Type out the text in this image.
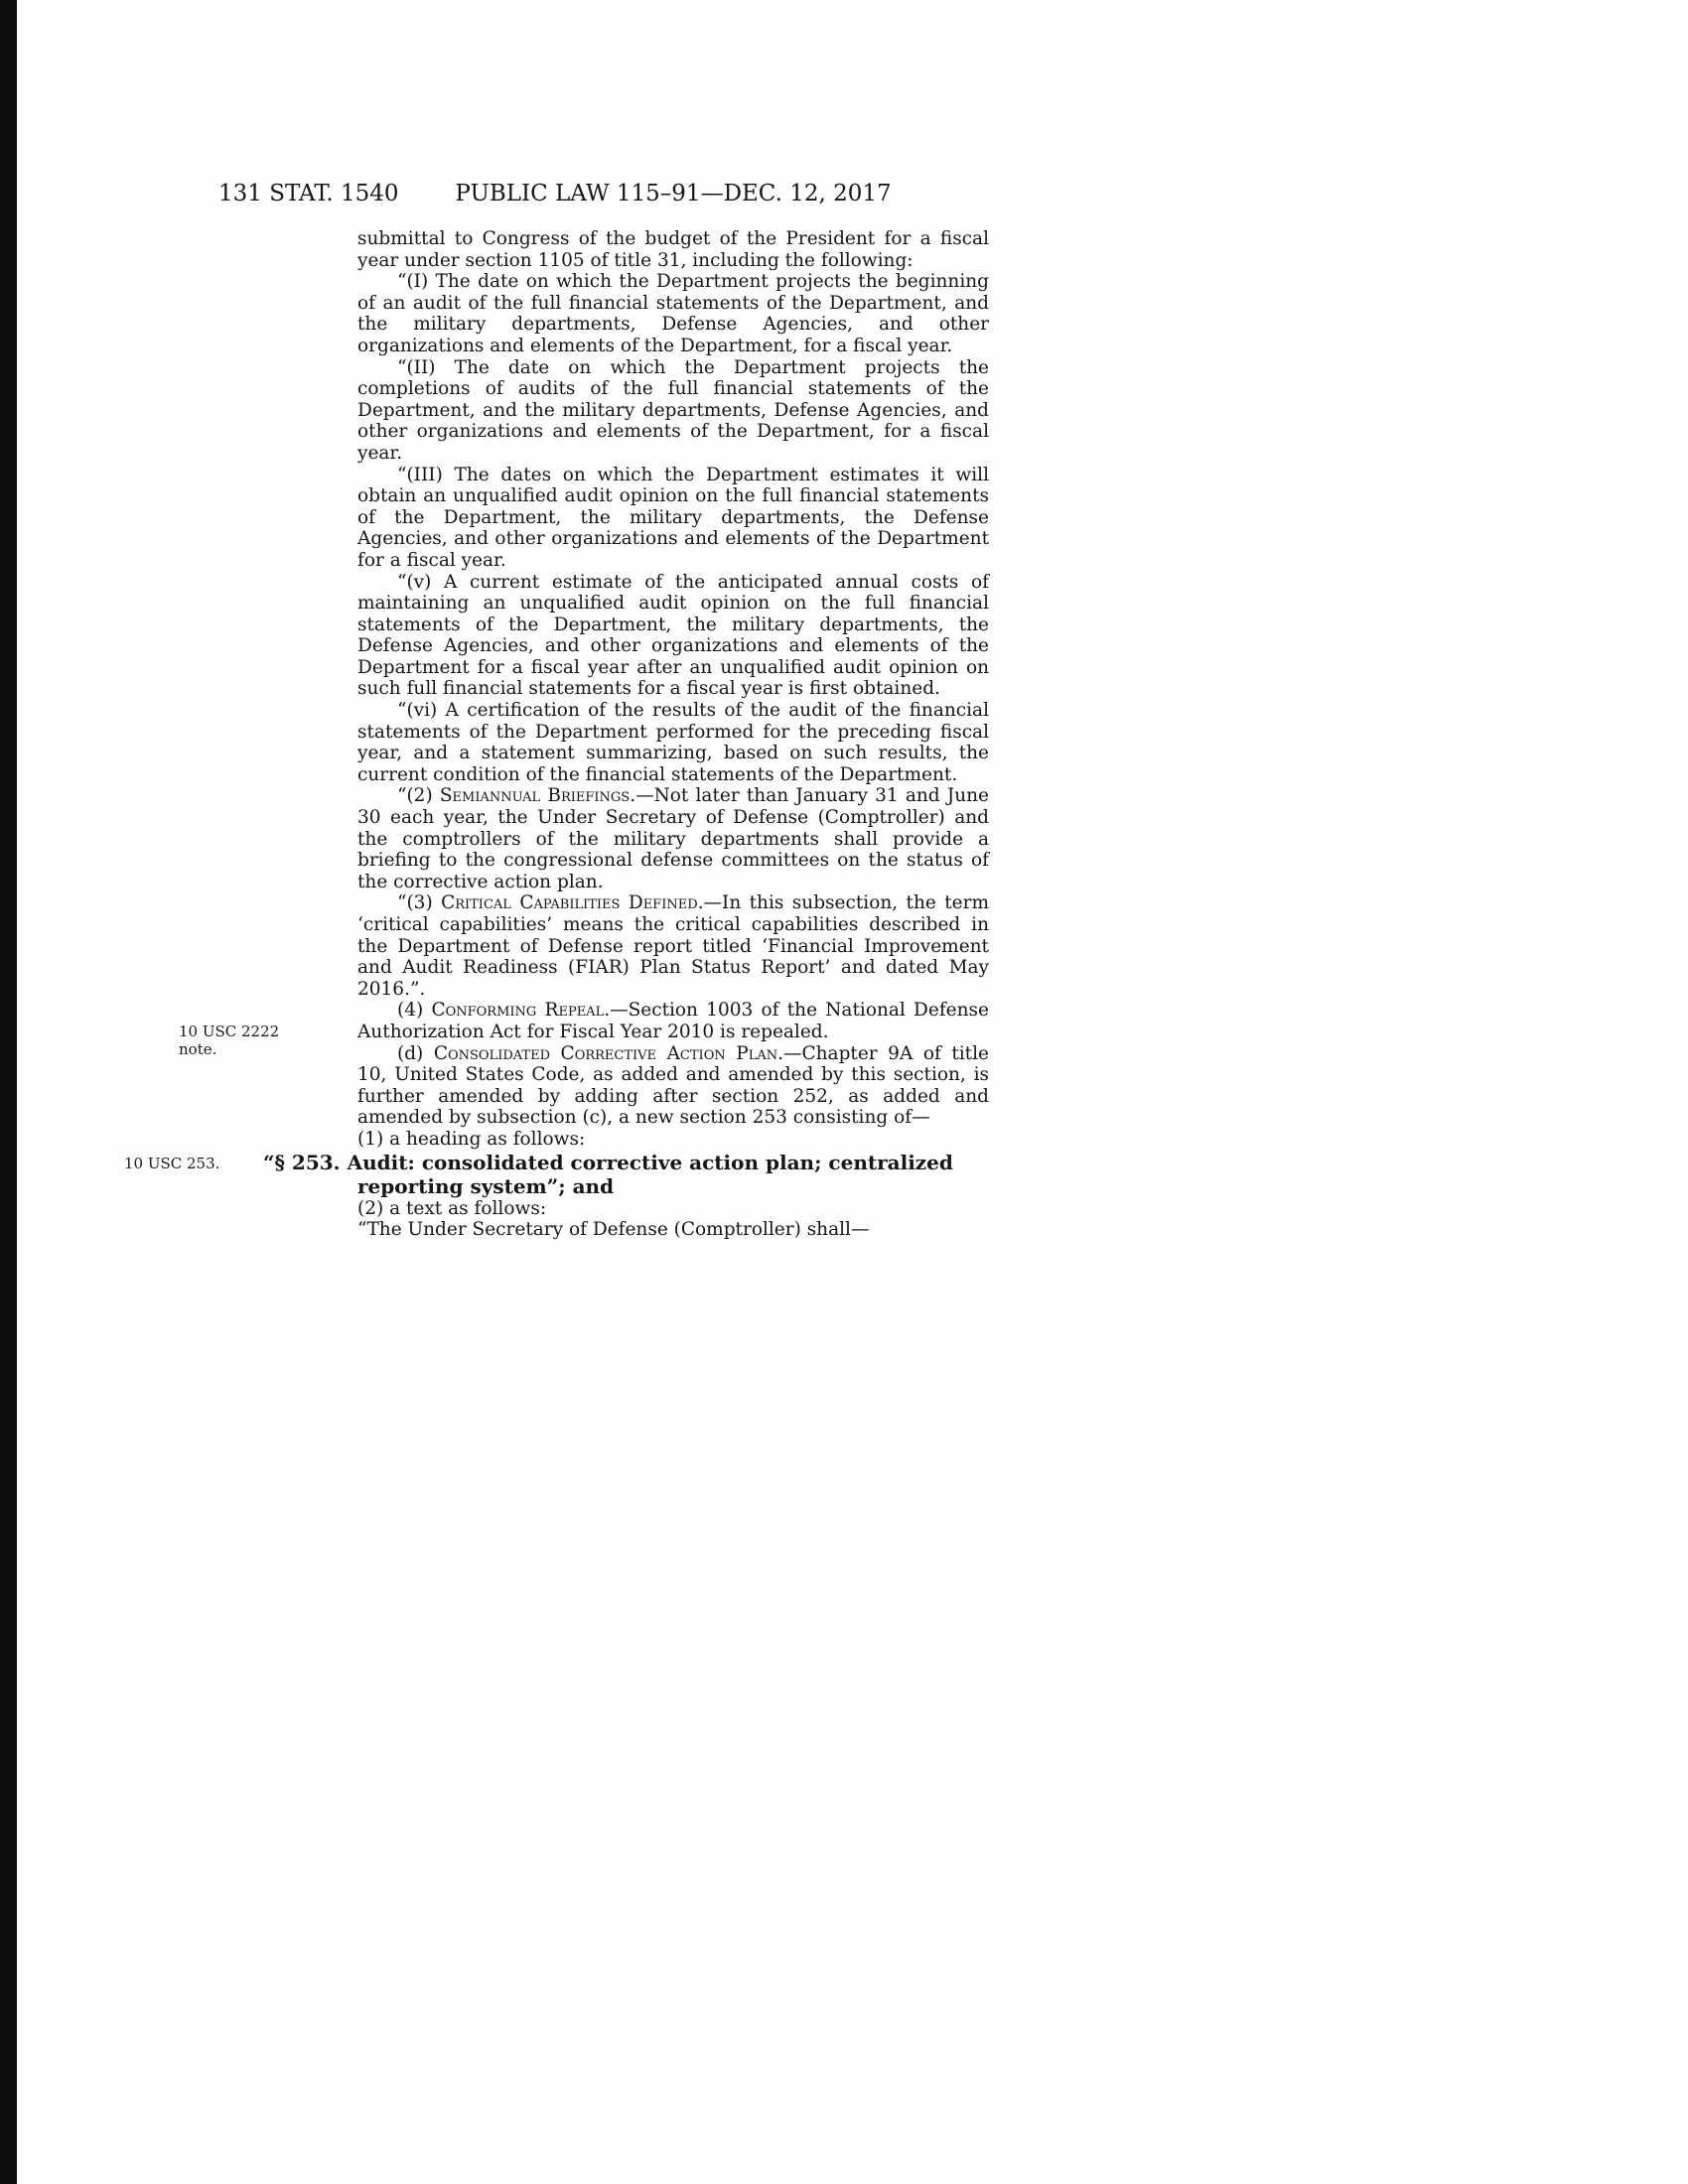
131 STAT. 1540	PUBLIC LAW 115–91—DEC. 12, 2017

submittal to Congress of the budget of the President for a fiscal year under section 1105 of title 31, including the following:

“(I) The date on which the Department projects the beginning of an audit of the full financial statements of the Department, and the military departments, Defense Agencies, and other organizations and elements of the Department, for a fiscal year.

“(II) The date on which the Department projects the completions of audits of the full financial statements of the Department, and the military departments, Defense Agencies, and other organizations and elements of the Department, for a fiscal year.

“(III) The dates on which the Department estimates it will obtain an unqualified audit opinion on the full financial statements of the Department, the military departments, the Defense Agencies, and other organizations and elements of the Department for a fiscal year.

“(v) A current estimate of the anticipated annual costs of maintaining an unqualified audit opinion on the full financial statements of the Department, the military departments, the Defense Agencies, and other organizations and elements of the Department for a fiscal year after an unqualified audit opinion on such full financial statements for a fiscal year is first obtained.

“(vi) A certification of the results of the audit of the financial statements of the Department performed for the preceding fiscal year, and a statement summarizing, based on such results, the current condition of the financial statements of the Department.

“(2) Semiannual Briefings.—Not later than January 31 and June 30 each year, the Under Secretary of Defense (Comptroller) and the comptrollers of the military departments shall provide a briefing to the congressional defense committees on the status of the corrective action plan.

“(3) Critical Capabilities Defined.—In this subsection, the term ‘critical capabilities’ means the critical capabilities described in the Department of Defense report titled ‘Financial Improvement and Audit Readiness (FIAR) Plan Status Report’ and dated May 2016.”.

10 USC 2222 note.
(4) Conforming Repeal.—Section 1003 of the National Defense Authorization Act for Fiscal Year 2010 is repealed.

(d) Consolidated Corrective Action Plan.—Chapter 9A of title 10, United States Code, as added and amended by this section, is further amended by adding after section 252, as added and amended by subsection (c), a new section 253 consisting of—

(1) a heading as follows:

10 USC 253.	“§ 253. Audit: consolidated corrective action plan; centralized reporting system”; and

(2) a text as follows:

“The Under Secretary of Defense (Comptroller) shall—
